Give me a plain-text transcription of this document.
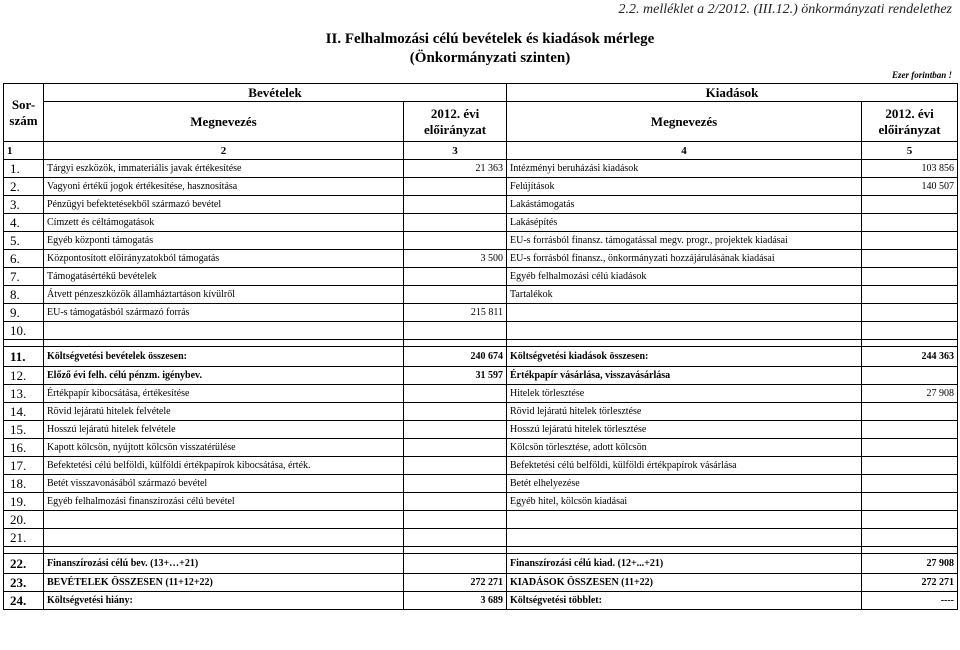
2.2. melléklet a 2/2012. (III.12.) önkormányzati rendelethez
II. Felhalmozási célú bevételek és kiadások mérlege
(Önkormányzati szinten)
Ezer forintban !
Sor-
szám	Bevételek		Kiadások	
	Megnevezés	2012. évi
előirányzat	Megnevezés	2012. évi
előirányzat
1	2	3	4	5
1.	Tárgyi eszközök, immateriális javak értékesítése	21 363	Intézményi beruházási kiadások	103 856
2.	Vagyoni értékű jogok értékesítése, hasznosítása		Felújítások	140 507
3.	Pénzügyi befektetésekből származó bevétel		Lakástámogatás	
4.	Címzett és céltámogatások		Lakásépítés	
5.	Egyéb központi támogatás		EU-s forrásból finansz. támogatással megv. progr., projektek kiadásai	
6.	Központosított előirányzatokból támogatás	3 500	EU-s forrásból finansz., önkormányzati hozzájárulásának kiadásai	
7.	Támogatásértékű bevételek		Egyéb felhalmozási célú kiadások	
8.	Átvett pénzeszközök államháztartáson kívülről		Tartalékok	
9.	EU-s támogatásból származó forrás	215 811		
10.				

11.	Költségvetési bevételek összesen:	240 674	Költségvetési kiadások összesen:	244 363
12.	Előző évi felh. célú pénzm. igénybev.	31 597	Értékpapír vásárlása, visszavásárlása	
13.	Értékpapír kibocsátása, értékesítése		Hitelek törlesztése	27 908
14.	Rövid lejáratú hitelek felvétele		Rövid lejáratú hitelek törlesztése	
15.	Hosszú lejáratú hitelek felvétele		Hosszú lejáratú hitelek törlesztése	
16.	Kapott kölcsön, nyújtott kölcsön visszatérülése		Kölcsön törlesztése, adott kölcsön	
17.	Befektetési célú belföldi, külföldi értékpapírok kibocsátása, érték.		Befektetési célú belföldi, külföldi értékpapírok vásárlása	
18.	Betét visszavonásából származó bevétel		Betét elhelyezése	
19.	Egyéb felhalmozási finanszírozási célú bevétel		Egyéb hitel, kölcsön kiadásai	
20.				
21.				

22.	Finanszírozási célú bev. (13+…+21)		Finanszírozási célú kiad. (12+...+21)	27 908
23.	BEVÉTELEK ÖSSZESEN (11+12+22)	272 271	KIADÁSOK ÖSSZESEN (11+22)	272 271
24.	Költségvetési hiány:	3 689	Költségvetési többlet:	----
